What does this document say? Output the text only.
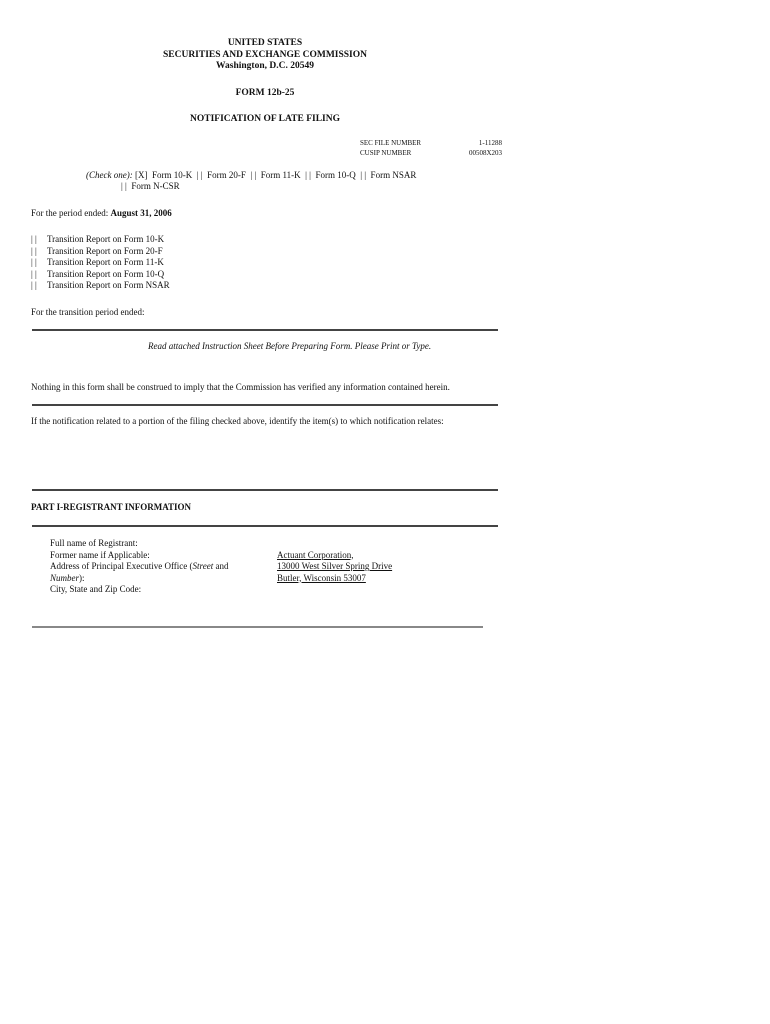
UNITED STATES
SECURITIES AND EXCHANGE COMMISSION
Washington, D.C. 20549
FORM 12b-25
NOTIFICATION OF LATE FILING
SEC FILE NUMBER	1-11288
CUSIP NUMBER	00508X203
(Check one): [X]  Form 10-K  | |  Form 20-F  | |  Form 11-K  | |  Form 10-Q  | |  Form NSAR
| |  Form N-CSR
For the period ended: August 31, 2006
| |	Transition Report on Form 10-K
| |	Transition Report on Form 20-F
| |	Transition Report on Form 11-K
| |	Transition Report on Form 10-Q
| |	Transition Report on Form NSAR
For the transition period ended:
Read attached Instruction Sheet Before Preparing Form. Please Print or Type.
Nothing in this form shall be construed to imply that the Commission has verified any information contained herein.
If the notification related to a portion of the filing checked above, identify the item(s) to which notification relates:
PART I-REGISTRANT INFORMATION
Full name of Registrant:
Former name if Applicable:	Actuant Corporation,
Address of Principal Executive Office (Street and	13000 West Silver Spring Drive
Number):	Butler, Wisconsin 53007
City, State and Zip Code:
